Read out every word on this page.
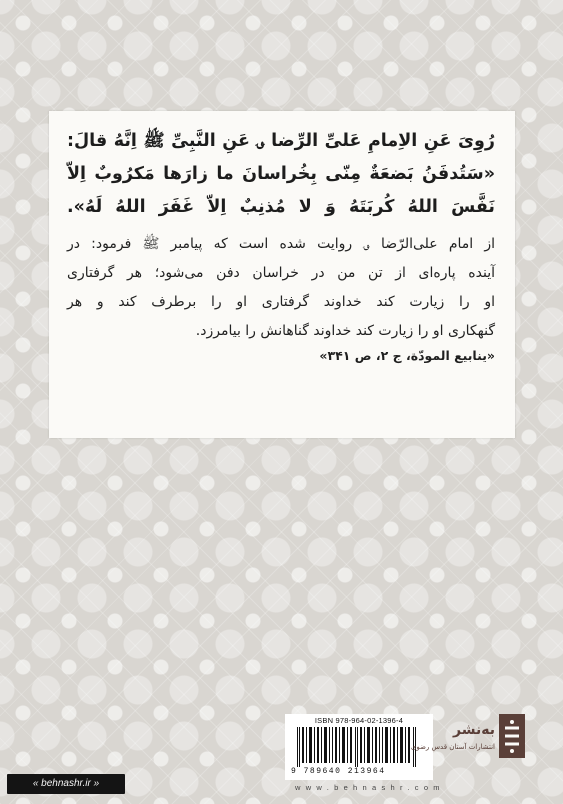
رُوِیَ عَنِ الاِمامِ عَلیِّ الرِّضا ؈ عَنِ النَّبِیِّ ﷺ اِنَّهُ قالَ:
«سَتُدفَنُ بَضعَةٌ مِنّی بِخُراسانَ ما زارَها مَکرُوبٌ اِلاّ
نَفَّسَ اللهُ کُربَتَهُ وَ لا مُذنِبٌ اِلاّ غَفَرَ اللهُ لَهُ».
از امام علی‌الرّضا ؈ روایت شده است که پیامبر ﷺ فرمود: در
آینده پاره‌ای از تن من در خراسان دفن می‌شود؛ هر گرفتاری
او را زیارت کند خداوند گرفتاری او را برطرف کند و هر
گنهکاری او را زیارت کند خداوند گناهانش را بیامرزد.
«ینابیع المودّة، ج ۲، ص ۳۴۱»
ISBN 978-964-02-1396-4
9 789640 213964
به‌نشر
انتشارات آستان قدس رضوی
www.behnashr.com
« behnashr.ir »
